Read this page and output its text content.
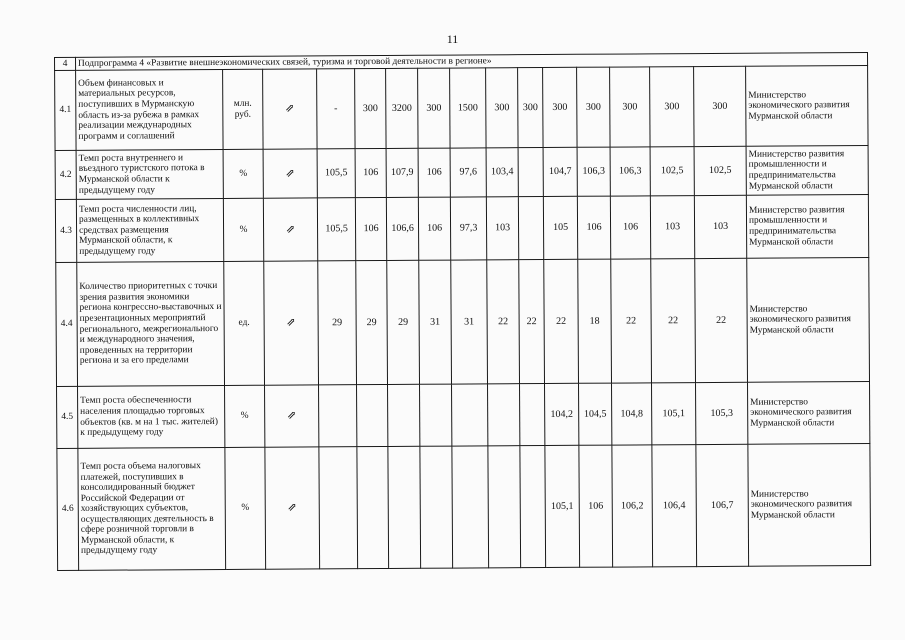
11
4	Подпрограмма 4 «Развитие внешнеэкономических связей, туризма и торговой деятельности в регионе»															
4.1	Объем финансовых и материальных ресурсов, поступивших в Мурманскую область из-за рубежа в рамках реализации международных программ и соглашений	млн. руб.	⇗	-	300	3200	300	1500	300	300	300	300	300	300	300	Министерство экономического развития Мурманской области
4.2	Темп роста внутреннего и въездного туристского потока в Мурманской области к предыдущему году	%	⇗	105,5	106	107,9	106	97,6	103,4		104,7	106,3	106,3	102,5	102,5	Министерство развития промышленности и предпринимательства Мурманской области
4.3	Темп роста численности лиц, размещенных в коллективных средствах размещения Мурманской области, к предыдущему году	%	⇗	105,5	106	106,6	106	97,3	103		105	106	106	103	103	Министерство развития промышленности и предпринимательства Мурманской области
4.4	Количество приоритетных с точки зрения развития экономики региона конгрессно-выставочных и презентационных мероприятий регионального, межрегионального и международного значения, проведенных на территории региона и за его пределами	ед.	⇗	29	29	29	31	31	22	22	22	18	22	22	22	Министерство экономического развития Мурманской области
4.5	Темп роста обеспеченности населения площадью торговых объектов (кв. м на 1 тыс. жителей) к предыдущему году	%	⇗								104,2	104,5	104,8	105,1	105,3	Министерство экономического развития Мурманской области
4.6	Темп роста объема налоговых платежей, поступивших в консолидированный бюджет Российской Федерации от хозяйствующих субъектов, осуществляющих деятельность в сфере розничной торговли в Мурманской области, к предыдущему году	%	⇗								105,1	106	106,2	106,4	106,7	Министерство экономического развития Мурманской области
